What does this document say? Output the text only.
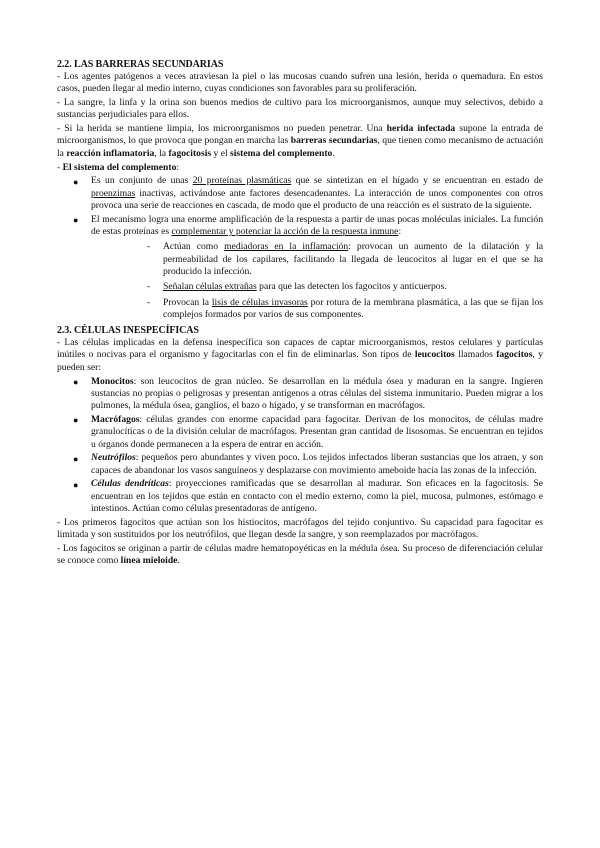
2.2. LAS BARRERAS SECUNDARIAS

- Los agentes patógenos a veces atraviesan la piel o las mucosas cuando sufren una lesión, herida o quemadura. En estos casos, pueden llegar al medio interno, cuyas condiciones son favorables para su proliferación.

- La sangre, la linfa y la orina son buenos medios de cultivo para los microorganismos, aunque muy selectivos, debido a sustancias perjudiciales para ellos.

- Si la herida se mantiene limpia, los microorganismos no pueden penetrar. Una herida infectada supone la entrada de microorganismos, lo que provoca que pongan en marcha las barreras secundarias, que tienen como mecanismo de actuación la reacción inflamatoria, la fagocitosis y el sistema del complemento.

- El sistema del complemento:

● Es un conjunto de unas 20 proteínas plasmáticas que se sintetizan en el hígado y se encuentran en estado de proenzimas inactivas, activándose ante factores desencadenantes. La interacción de unos componentes con otros provoca una serie de reacciones en cascada, de modo que el producto de una reacción es el sustrato de la siguiente.
● El mecanismo logra una enorme amplificación de la respuesta a partir de unas pocas moléculas iniciales. La función de estas proteínas es complementar y potenciar la acción de la respuesta inmune:
- Actúan como mediadoras en la inflamación: provocan un aumento de la dilatación y la permeabilidad de los capilares, facilitando la llegada de leucocitos al lugar en el que se ha producido la infección.
- Señalan células extrañas para que las detecten los fagocitos y anticuerpos.
- Provocan la lisis de células invasoras por rotura de la membrana plasmática, a las que se fijan los complejos formados por varios de sus componentes.
2.3. CÉLULAS INESPECÍFICAS

- Las células implicadas en la defensa inespecífica son capaces de captar microorganismos, restos celulares y partículas inútiles o nocivas para el organismo y fagocitarlas con el fin de eliminarlas. Son tipos de leucocitos llamados fagocitos, y pueden ser:

● Monocitos: son leucocitos de gran núcleo. Se desarrollan en la médula ósea y maduran en la sangre. Ingieren sustancias no propias o peligrosas y presentan antígenos a otras células del sistema inmunitario. Pueden migrar a los pulmones, la médula ósea, ganglios, el bazo o hígado, y se transforman en macrófagos.
● Macrófagos: células grandes con enorme capacidad para fagocitar. Derivan de los monocitos, de células madre granulocíticas o de la división celular de macrófagos. Presentan gran cantidad de lisosomas. Se encuentran en tejidos u órganos donde permanecen a la espera de entrar en acción.
● Neutrófilos: pequeños pero abundantes y viven poco. Los tejidos infectados liberan sustancias que los atraen, y son capaces de abandonar los vasos sanguíneos y desplazarse con movimiento ameboide hacia las zonas de la infección.
● Células dendríticas: proyecciones ramificadas que se desarrollan al madurar. Son eficaces en la fagocitosis. Se encuentran en los tejidos que están en contacto con el medio externo, como la piel, mucosa, pulmones, estómago e intestinos. Actúan como células presentadoras de antígeno.

- Los primeros fagocitos que actúan son los histiocitos, macrófagos del tejido conjuntivo. Su capacidad para fagocitar es limitada y son sustituidos por los neutrófilos, que llegan desde la sangre, y son reemplazados por macrófagos.

- Los fagocitos se originan a partir de células madre hematopoyéticas en la médula ósea. Su proceso de diferenciación celular se conoce como línea mieloide.
